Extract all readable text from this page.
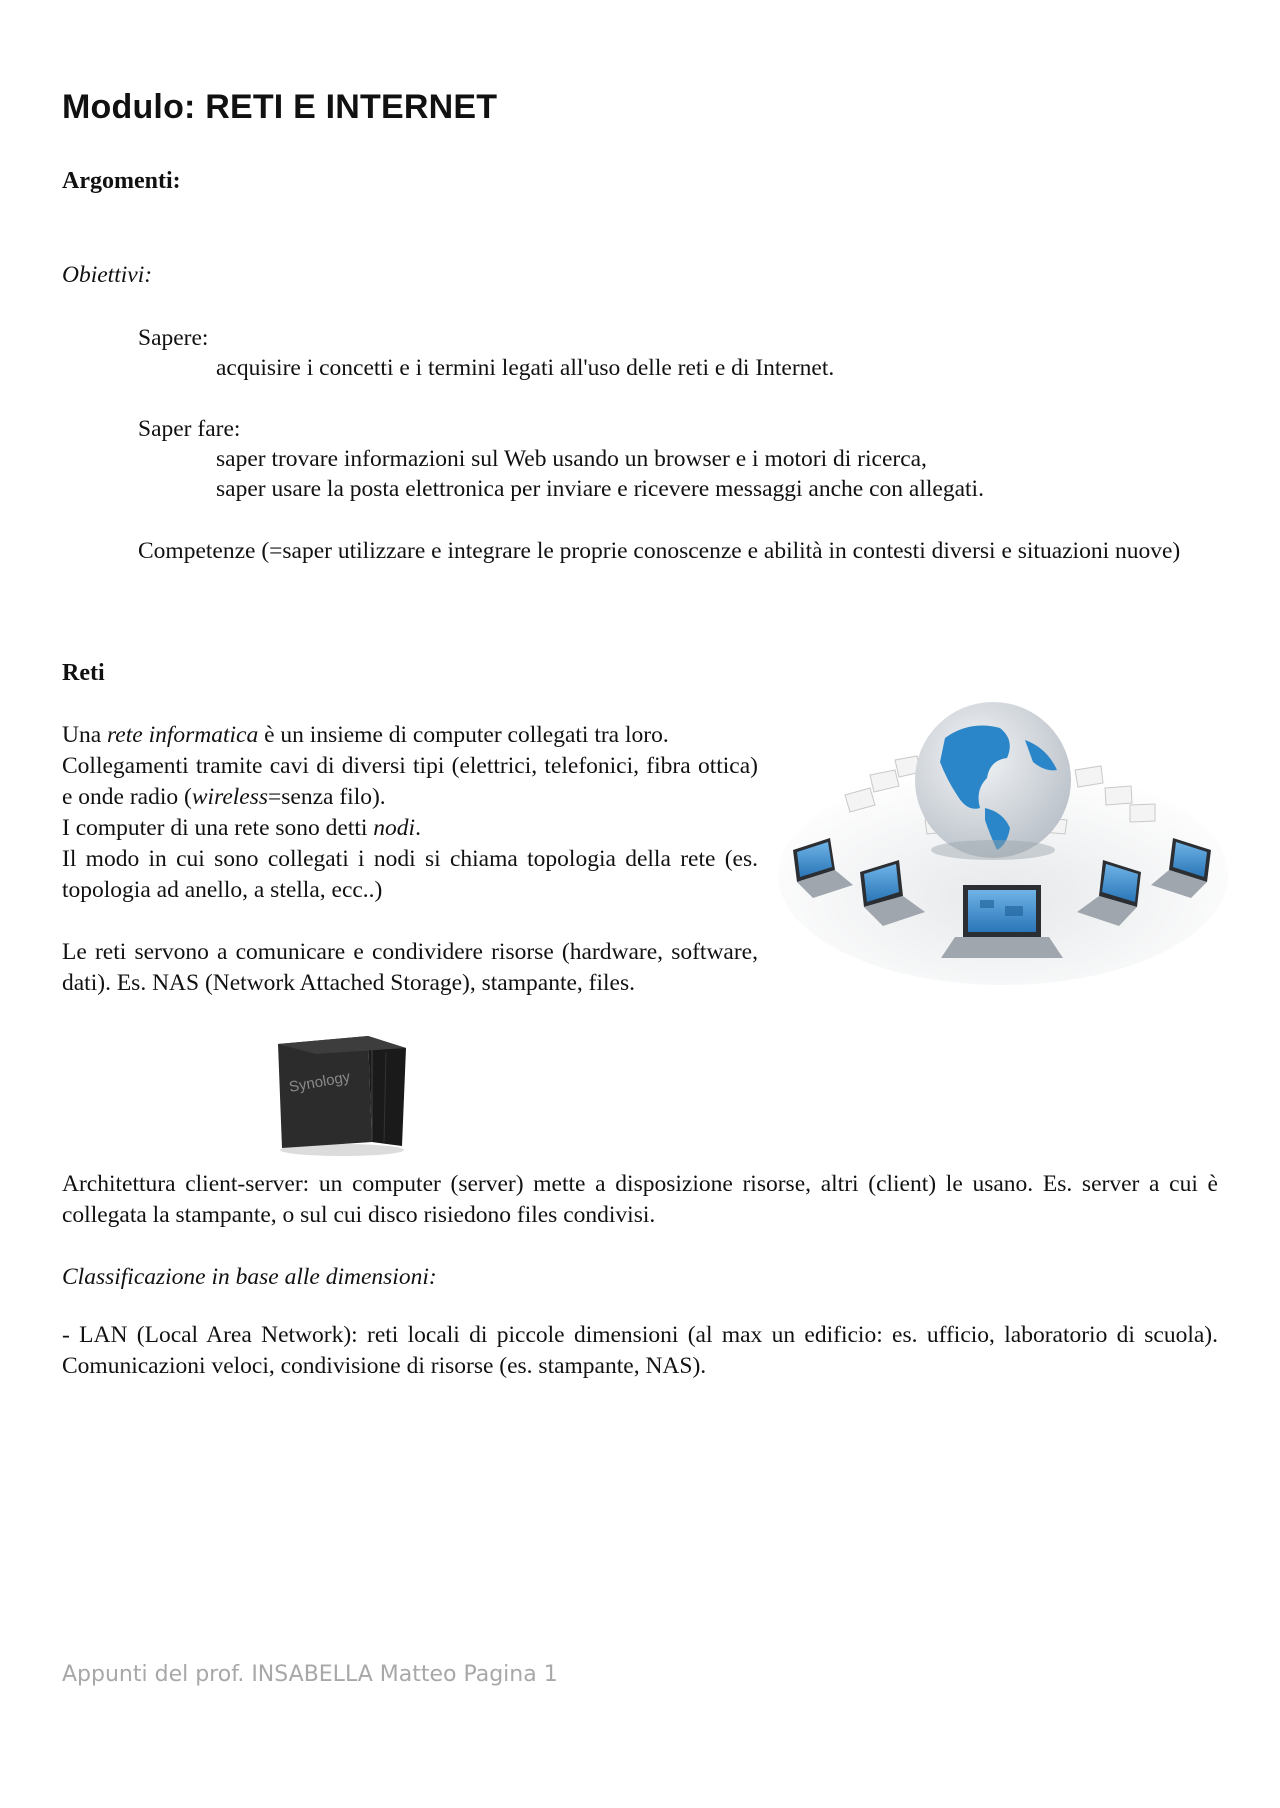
Modulo: RETI E INTERNET
Argomenti:
Obiettivi:
Sapere:
acquisire i concetti e i termini legati all'uso delle reti e di Internet.
Saper fare:
saper trovare informazioni sul Web usando un browser e i motori di ricerca,
saper usare la posta elettronica per inviare e ricevere messaggi anche con allegati.
Competenze (=saper utilizzare e integrare le proprie conoscenze e abilità in contesti diversi e situazioni nuove)
Reti

Una rete informatica è un insieme di computer collegati tra loro.

Collegamenti tramite cavi di diversi tipi (elettrici, telefonici, fibra ottica) e onde radio (wireless=senza filo).

I computer di una rete sono detti nodi.

Il modo in cui sono collegati i nodi si chiama topologia della rete (es. topologia ad anello, a stella, ecc..)

Le reti servono a comunicare e condividere risorse (hardware, software, dati). Es. NAS (Network Attached Storage), stampante, files.

Synology
Architettura client-server: un computer (server) mette a disposizione risorse, altri (client) le usano. Es. server a cui è collegata la stampante, o sul cui disco risiedono files condivisi.
Classificazione in base alle dimensioni:
- LAN (Local Area Network): reti locali di piccole dimensioni (al max un edificio: es. ufficio, laboratorio di scuola). Comunicazioni veloci, condivisione di risorse (es. stampante, NAS).
Appunti del prof. INSABELLA Matteo Pagina 1
